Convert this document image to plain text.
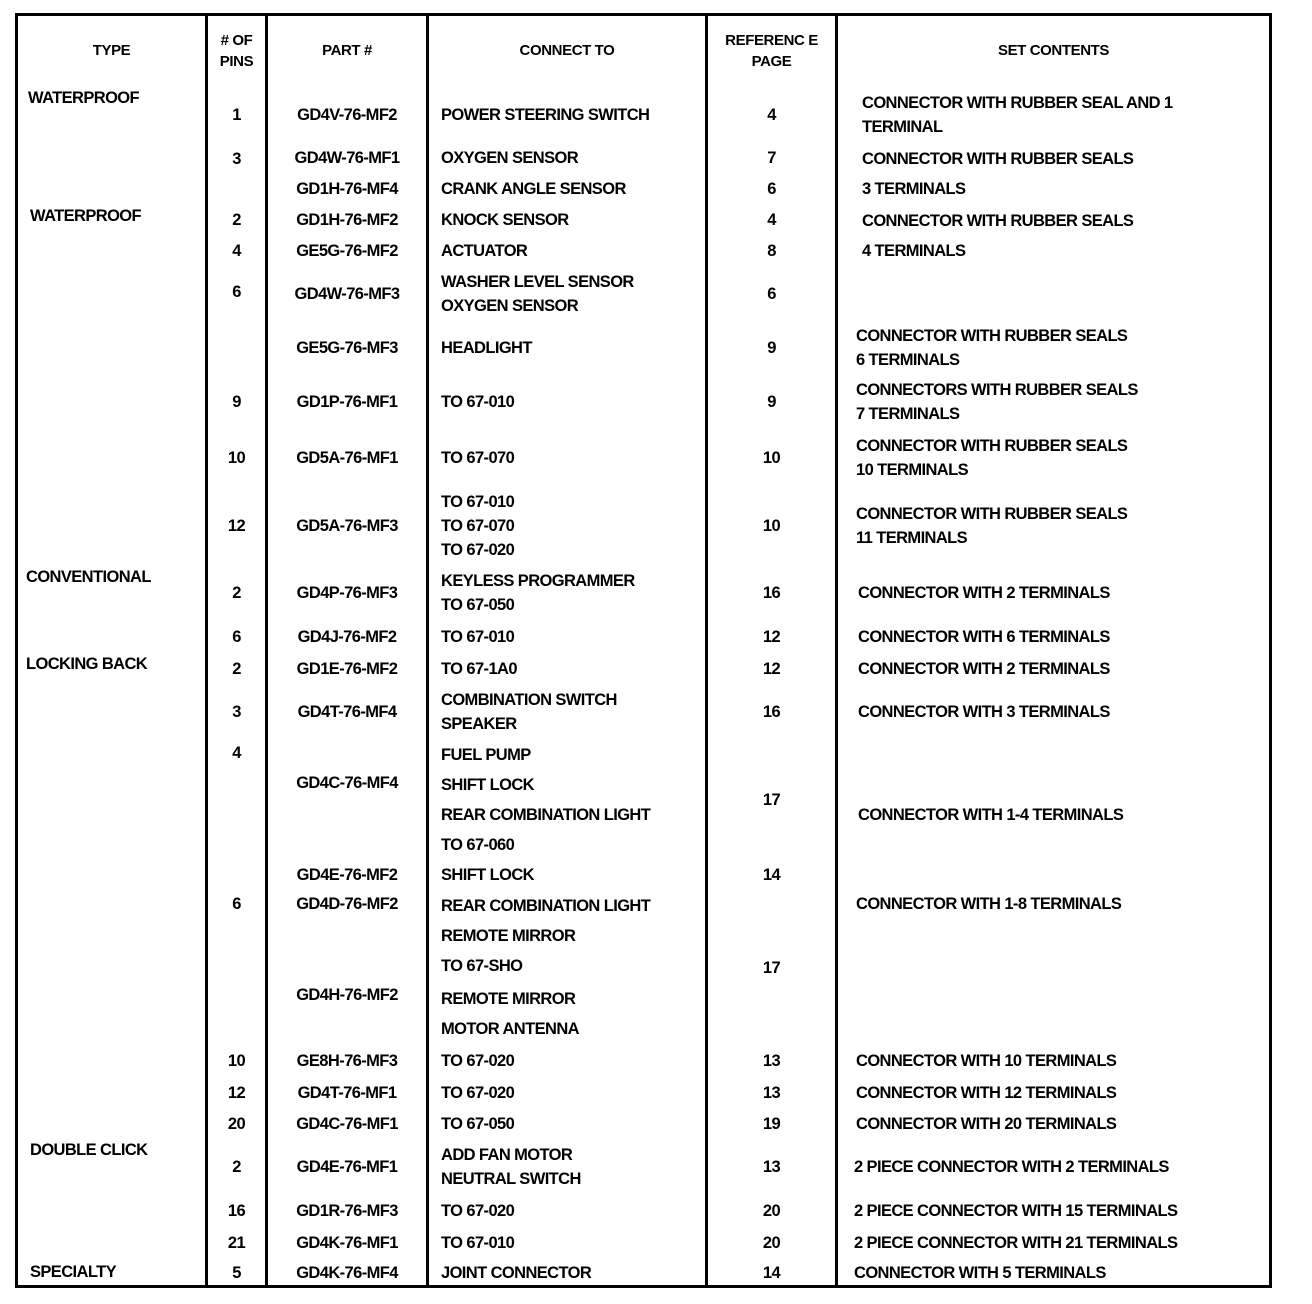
TYPE
# OF PINS
PART #	CONNECT TO
REFERENC E PAGE
SET CONTENTS
WATERPROOF
WATERPROOF
CONVENTIONAL
LOCKING BACK
DOUBLE CLICK
SPECIALTY
1
3
2
4
6
9
10
12
2
6
2
3
4
6
10
12
20
2
16
21
5
GD4V-76-MF2
GD4W-76-MF1
GD1H-76-MF4
GD1H-76-MF2
GE5G-76-MF2
GD4W-76-MF3
GE5G-76-MF3
GD1P-76-MF1
GD5A-76-MF1
GD5A-76-MF3
GD4P-76-MF3
GD4J-76-MF2
GD1E-76-MF2
GD4T-76-MF4
GD4C-76-MF4
GD4E-76-MF2
GD4D-76-MF2
GD4H-76-MF2
GE8H-76-MF3
GD4T-76-MF1
GD4C-76-MF1
GD4E-76-MF1
GD1R-76-MF3
GD4K-76-MF1
GD4K-76-MF4
POWER STEERING SWITCH
OXYGEN SENSOR
CRANK ANGLE SENSOR
KNOCK SENSOR
ACTUATOR
WASHER LEVEL SENSOR
OXYGEN SENSOR
HEADLIGHT
TO 67-010
TO 67-070
TO 67-010
TO 67-070
TO 67-020
KEYLESS PROGRAMMER
TO 67-050
TO 67-010
TO 67-1A0
COMBINATION SWITCH
SPEAKER
FUEL PUMP
SHIFT LOCK
REAR COMBINATION LIGHT
TO 67-060
SHIFT LOCK
REAR COMBINATION LIGHT
REMOTE MIRROR
TO 67-SHO
REMOTE MIRROR
MOTOR ANTENNA
TO 67-020
TO 67-020
TO 67-050
ADD FAN MOTOR
NEUTRAL SWITCH
TO 67-020
TO 67-010
JOINT CONNECTOR
4
7
6
4
8
6
9
9
10
10
16
12
12
16
17
14
17
13
13
19
13
20
20
14
CONNECTOR WITH RUBBER SEAL AND 1
TERMINAL
CONNECTOR WITH RUBBER SEALS
3 TERMINALS
CONNECTOR WITH RUBBER SEALS
4 TERMINALS
CONNECTOR WITH RUBBER SEALS
6 TERMINALS
CONNECTORS WITH RUBBER SEALS
7 TERMINALS
CONNECTOR WITH RUBBER SEALS
10 TERMINALS
CONNECTOR WITH RUBBER SEALS
11 TERMINALS
CONNECTOR WITH 2 TERMINALS
CONNECTOR WITH 6 TERMINALS
CONNECTOR WITH 2 TERMINALS
CONNECTOR WITH 3 TERMINALS
CONNECTOR WITH 1-4 TERMINALS
CONNECTOR WITH 1-8 TERMINALS
CONNECTOR WITH 10 TERMINALS
CONNECTOR WITH 12 TERMINALS
CONNECTOR WITH 20 TERMINALS
2 PIECE CONNECTOR WITH 2 TERMINALS
2 PIECE CONNECTOR WITH 15 TERMINALS
2 PIECE CONNECTOR WITH 21 TERMINALS
CONNECTOR WITH 5 TERMINALS
